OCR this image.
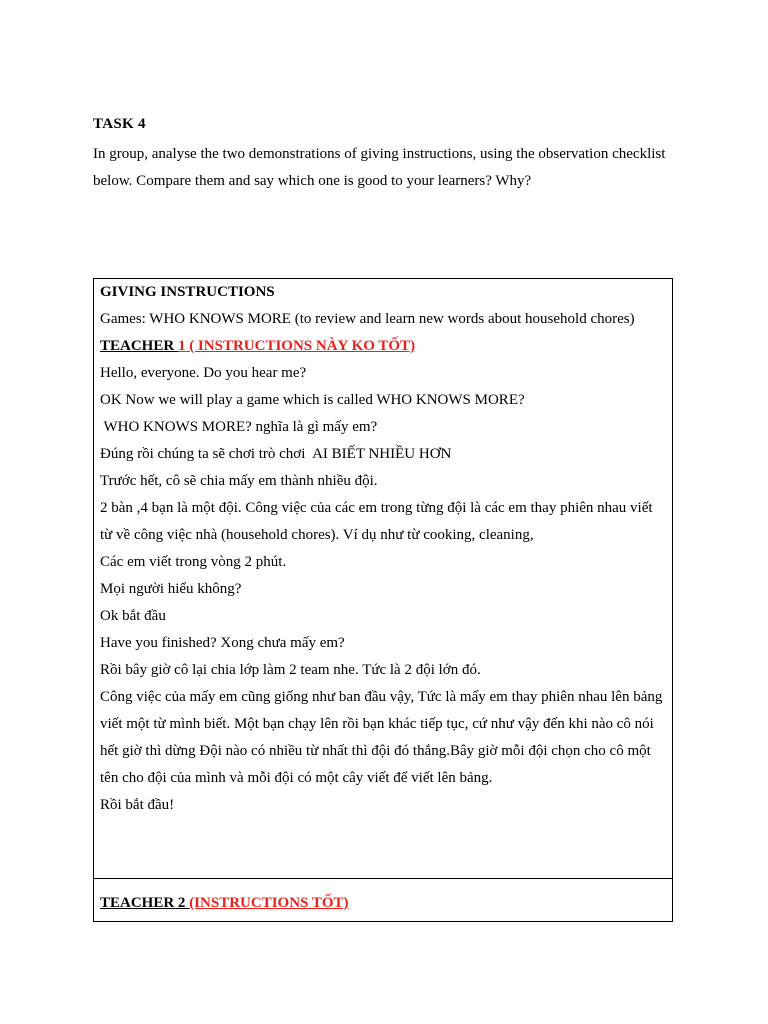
TASK 4
In group, analyse the two demonstrations of giving instructions, using the observation checklist below. Compare them and say which one is good to your learners? Why?
GIVING INSTRUCTIONS
Games: WHO KNOWS MORE (to review and learn new words about household chores)
TEACHER 1 ( INSTRUCTIONS NÀY KO TỐT)
Hello, everyone. Do you hear me?
OK Now we will play a game which is called WHO KNOWS MORE?
WHO KNOWS MORE? nghĩa là gì mấy em?
Đúng rồi chúng ta sẽ chơi trò chơi  AI BIẾT NHIỀU HƠN
Trước hết, cô sẽ chia mấy em thành nhiều đội.
2 bàn ,4 bạn là một đội. Công việc của các em trong từng đội là các em thay phiên nhau viết từ về công việc nhà (household chores). Ví dụ như từ cooking, cleaning,
Các em viết trong vòng 2 phút.
Mọi người hiểu không?
Ok bắt đầu
Have you finished? Xong chưa mấy em?
Rồi bây giờ cô lại chia lớp làm 2 team nhe. Tức là 2 đội lớn đó.
Công việc của mấy em cũng giống như ban đầu vậy, Tức là mấy em thay phiên nhau lên bảng viết một từ mình biết. Một bạn chạy lên rồi bạn khác tiếp tục, cứ như vậy đến khi nào cô nói hết giờ thì dừng Đội nào có nhiều từ nhất thì đội đó thắng.Bây giờ mỗi đội chọn cho cô một tên cho đội của mình và mỗi đội có một cây viết để viết lên bảng.
Rồi bắt đầu!
TEACHER 2 (INSTRUCTIONS TỐT)
